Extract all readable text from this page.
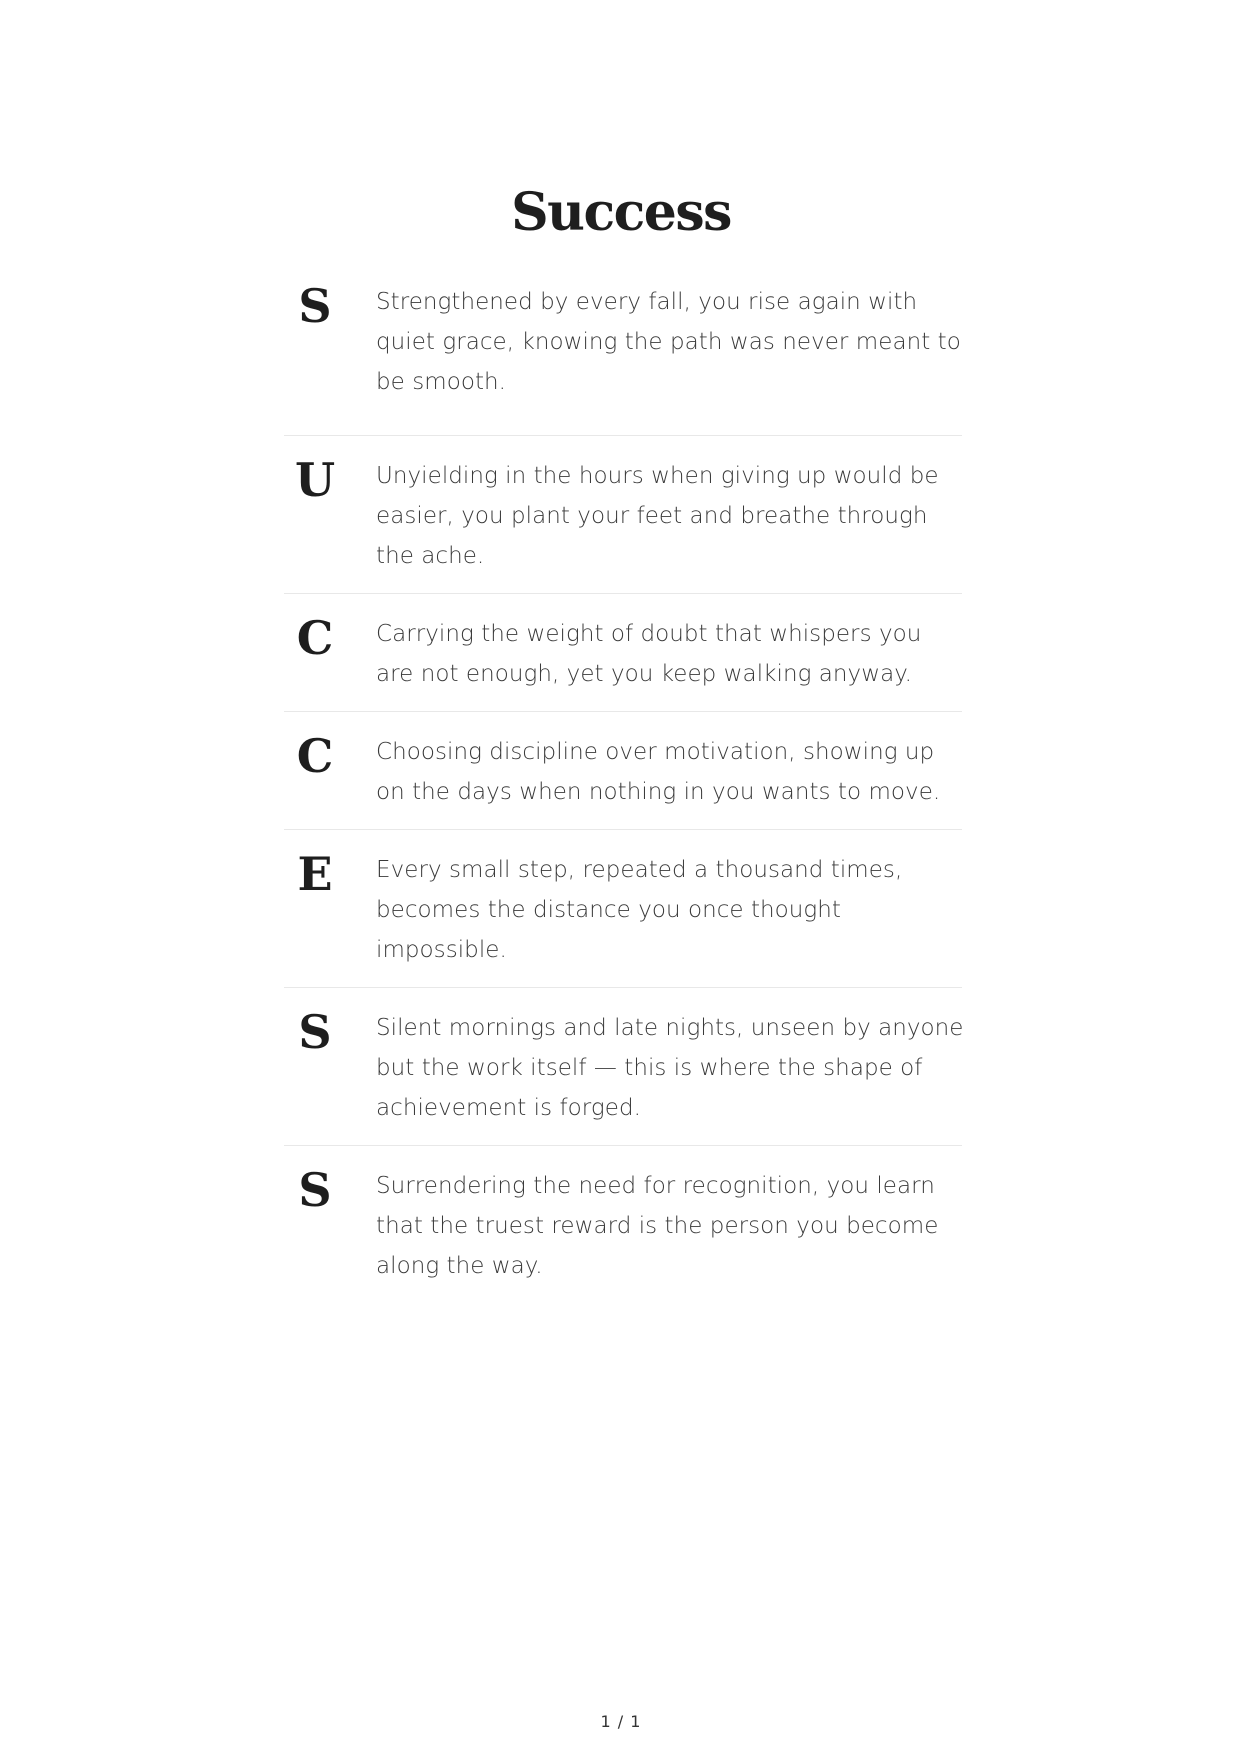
Success
S	Strengthened by every fall, you rise again with quiet grace, knowing the path was never meant to be smooth.
U	Unyielding in the hours when giving up would be easier, you plant your feet and breathe through the ache.
C	Carrying the weight of doubt that whispers you are not enough, yet you keep walking anyway.
C	Choosing discipline over motivation, showing up on the days when nothing in you wants to move.
E	Every small step, repeated a thousand times, becomes the distance you once thought impossible.
S	Silent mornings and late nights, unseen by anyone but the work itself — this is where the shape of achievement is forged.
S	Surrendering the need for recognition, you learn that the truest reward is the person you become along the way.
1 / 1
